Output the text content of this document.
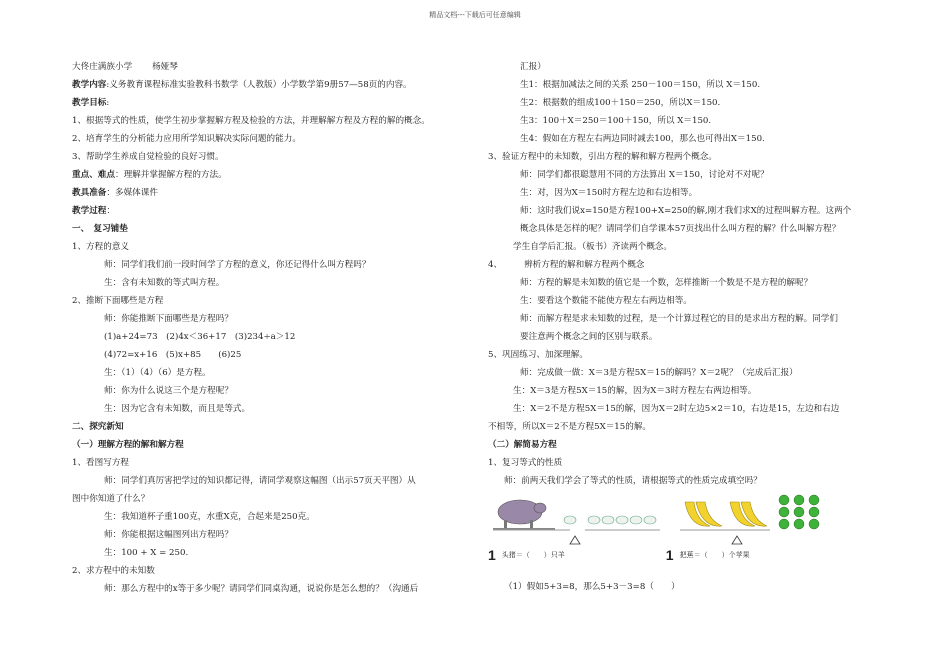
精品文档---下载后可任意编辑
大佟庄满族小学　　 杨娅琴
教学内容:义务教育课程标准实验教科书数学（人教版）小学数学第9册57—58页的内容。
教学目标:
1、根据等式的性质，使学生初步掌握解方程及检验的方法，并理解解方程及方程的解的概念。
2、培育学生的分析能力应用所学知识解决实际问题的能力。
3、帮助学生养成自觉检验的良好习惯。
重点、难点：理解并掌握解方程的方法。
教具准备：多媒体课件
教学过程：
一、　复习铺垫
1、方程的意义
师：同学们我们前一段时间学了方程的意义，你还记得什么叫方程吗？
生：含有未知数的等式叫方程。
2、推断下面哪些是方程
师：你能推断下面哪些是方程吗？
(1)a+24=73　(2)4x＜36+17　(3)234÷a＞12
(4)72=x+16　(5)x+85　　(6)25
生：（1）（4）（6）是方程。
师：你为什么说这三个是方程呢？
生：因为它含有未知数，而且是等式。
二、探究新知
（一）理解方程的解和解方程
1、看图写方程
师：同学们真厉害把学过的知识都记得，请同学观察这幅图（出示57页天平图）从
图中你知道了什么？
生：我知道杯子重100克，水重X克，合起来是250克。
师：你能根据这幅图列出方程吗？
生：100 + X = 250.
2、求方程中的未知数
师：那么方程中的x等于多少呢？请同学们同桌沟通，说说你是怎么想的？（沟通后
汇报）
生1：根据加减法之间的关系 250－100＝150，所以 X＝150.
生2：根据数的组成100＋150＝250，所以X＝150.
生3：100＋X＝250＝100＋150，所以 X＝150.
生4：假如在方程左右两边同时减去100，那么也可得出X＝150.
3、验证方程中的未知数，引出方程的解和解方程两个概念。
师：同学们都很聪慧用不同的方法算出 X＝150，讨论对不对呢？
生：对，因为X＝150时方程左边和右边相等。
师：这时我们说x=150是方程100+X=250的解,刚才我们求X的过程叫解方程。这两个
概念具体是怎样的呢？请同学们自学课本57页找出什么叫方程的解？什么叫解方程？
学生自学后汇报。（板书）齐读两个概念。
4、	辨析方程的解和解方程两个概念
师：方程的解是未知数的值它是一个数，怎样推断一个数是不是方程的解呢？
生：要看这个数能不能使方程左右两边相等。
师：而解方程是求未知数的过程，是一个计算过程它的目的是求出方程的解。同学们
要注意两个概念之间的区别与联系。
5、巩固练习、加深理解。
师：完成做一做：X＝3是方程5X＝15的解吗？X＝2呢？（完成后汇报）
生：X＝3是方程5X＝15的解，因为X＝3时方程左右两边相等。
生：X＝2不是方程5X＝15的解，因为X＝2时左边5×2＝10，右边是15，左边和右边
不相等，所以X＝2不是方程5X＝15的解。
（二）解简易方程
1、复习等式的性质
师：前两天我们学会了等式的性质，请根据等式的性质完成填空吗？
1 头猪＝（　　）只羊	1 把蕉＝（　　）个苹果
（1）假如5+3=8，那么5+3－3=8（　　）
